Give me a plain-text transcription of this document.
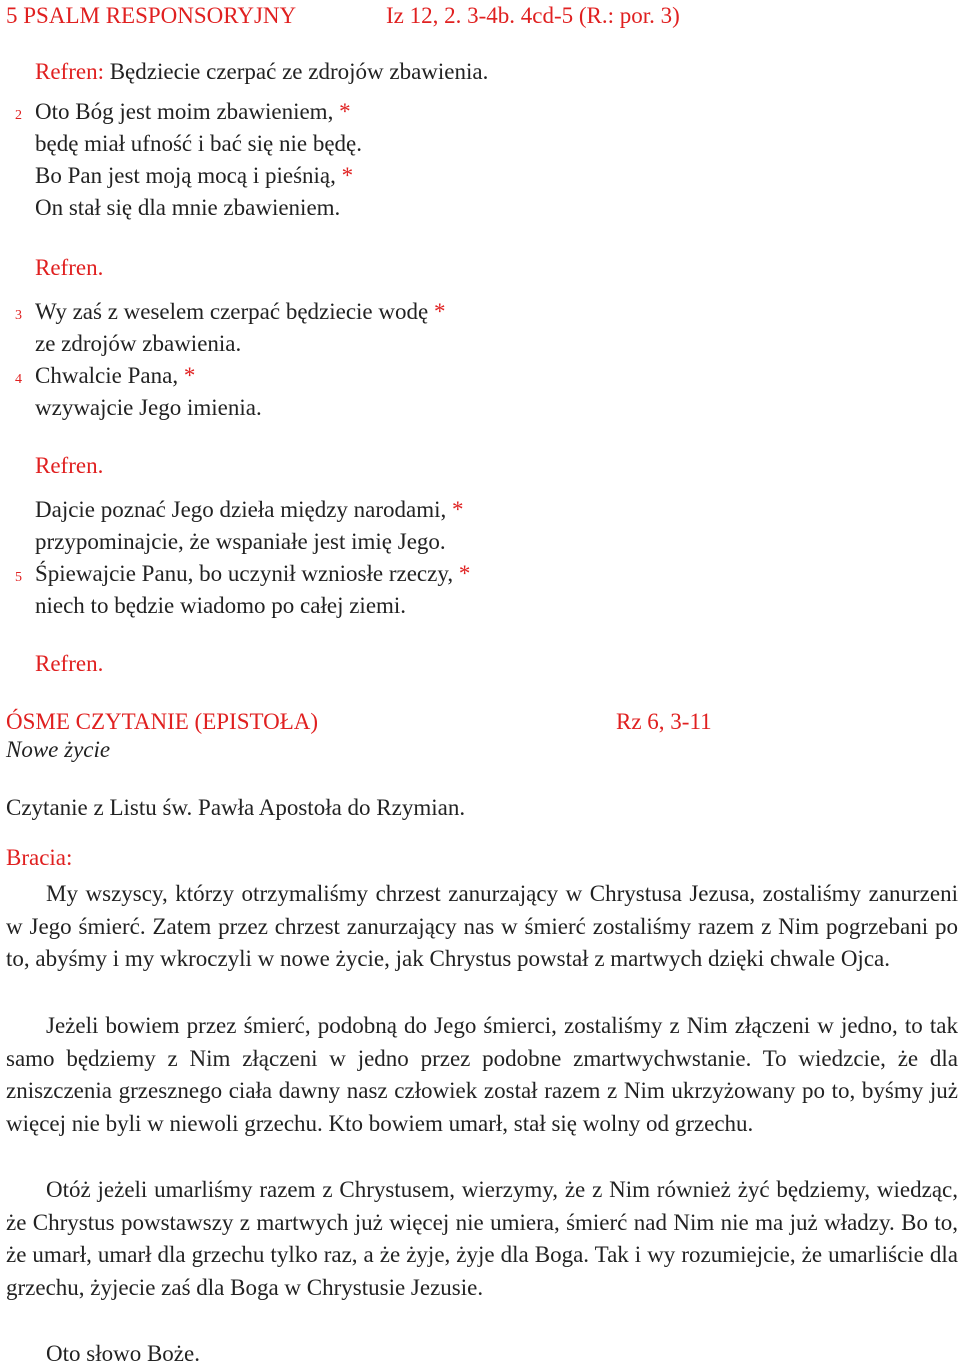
5 PSALM RESPONSORYJNY	Iz 12, 2. 3-4b. 4cd-5 (R.: por. 3)
Refren: Będziecie czerpać ze zdrojów zbawienia.
2 Oto Bóg jest moim zbawieniem, *
będę miał ufność i bać się nie będę.
Bo Pan jest moją mocą i pieśnią, *
On stał się dla mnie zbawieniem.
Refren.
3 Wy zaś z weselem czerpać będziecie wodę *
ze zdrojów zbawienia.
4 Chwalcie Pana, *
wzywajcie Jego imienia.
Refren.
Dajcie poznać Jego dzieła między narodami, *
przypominajcie, że wspaniałe jest imię Jego.
5 Śpiewajcie Panu, bo uczynił wzniosłe rzeczy, *
niech to będzie wiadomo po całej ziemi.
Refren.
ÓSME CZYTANIE (EPISTOŁA)	Rz 6, 3-11
Nowe życie
Czytanie z Listu św. Pawła Apostoła do Rzymian.
Bracia:

My wszyscy, którzy otrzymaliśmy chrzest zanurzający w Chrystusa Jezusa, zostaliśmy zanurzeni w Jego śmierć. Zatem przez chrzest zanurzający nas w śmierć zostaliśmy razem z Nim pogrzebani po to, abyśmy i my wkroczyli w nowe życie, jak Chrystus powstał z martwych dzięki chwale Ojca.

Jeżeli bowiem przez śmierć, podobną do Jego śmierci, zostaliśmy z Nim złączeni w jedno, to tak samo będziemy z Nim złączeni w jedno przez podobne zmartwychwstanie. To wiedzcie, że dla zniszczenia grzesznego ciała dawny nasz człowiek został razem z Nim ukrzyżowany po to, byśmy już więcej nie byli w niewoli grzechu. Kto bowiem umarł, stał się wolny od grzechu.

Otóż jeżeli umarliśmy razem z Chrystusem, wierzymy, że z Nim również żyć będziemy, wiedząc, że Chrystus powstawszy z martwych już więcej nie umiera, śmierć nad Nim nie ma już władzy. Bo to, że umarł, umarł dla grzechu tylko raz, a że żyje, żyje dla Boga. Tak i wy rozumiejcie, że umarliście dla grzechu, żyjecie zaś dla Boga w Chrystusie Jezusie.

Oto słowo Boże.
